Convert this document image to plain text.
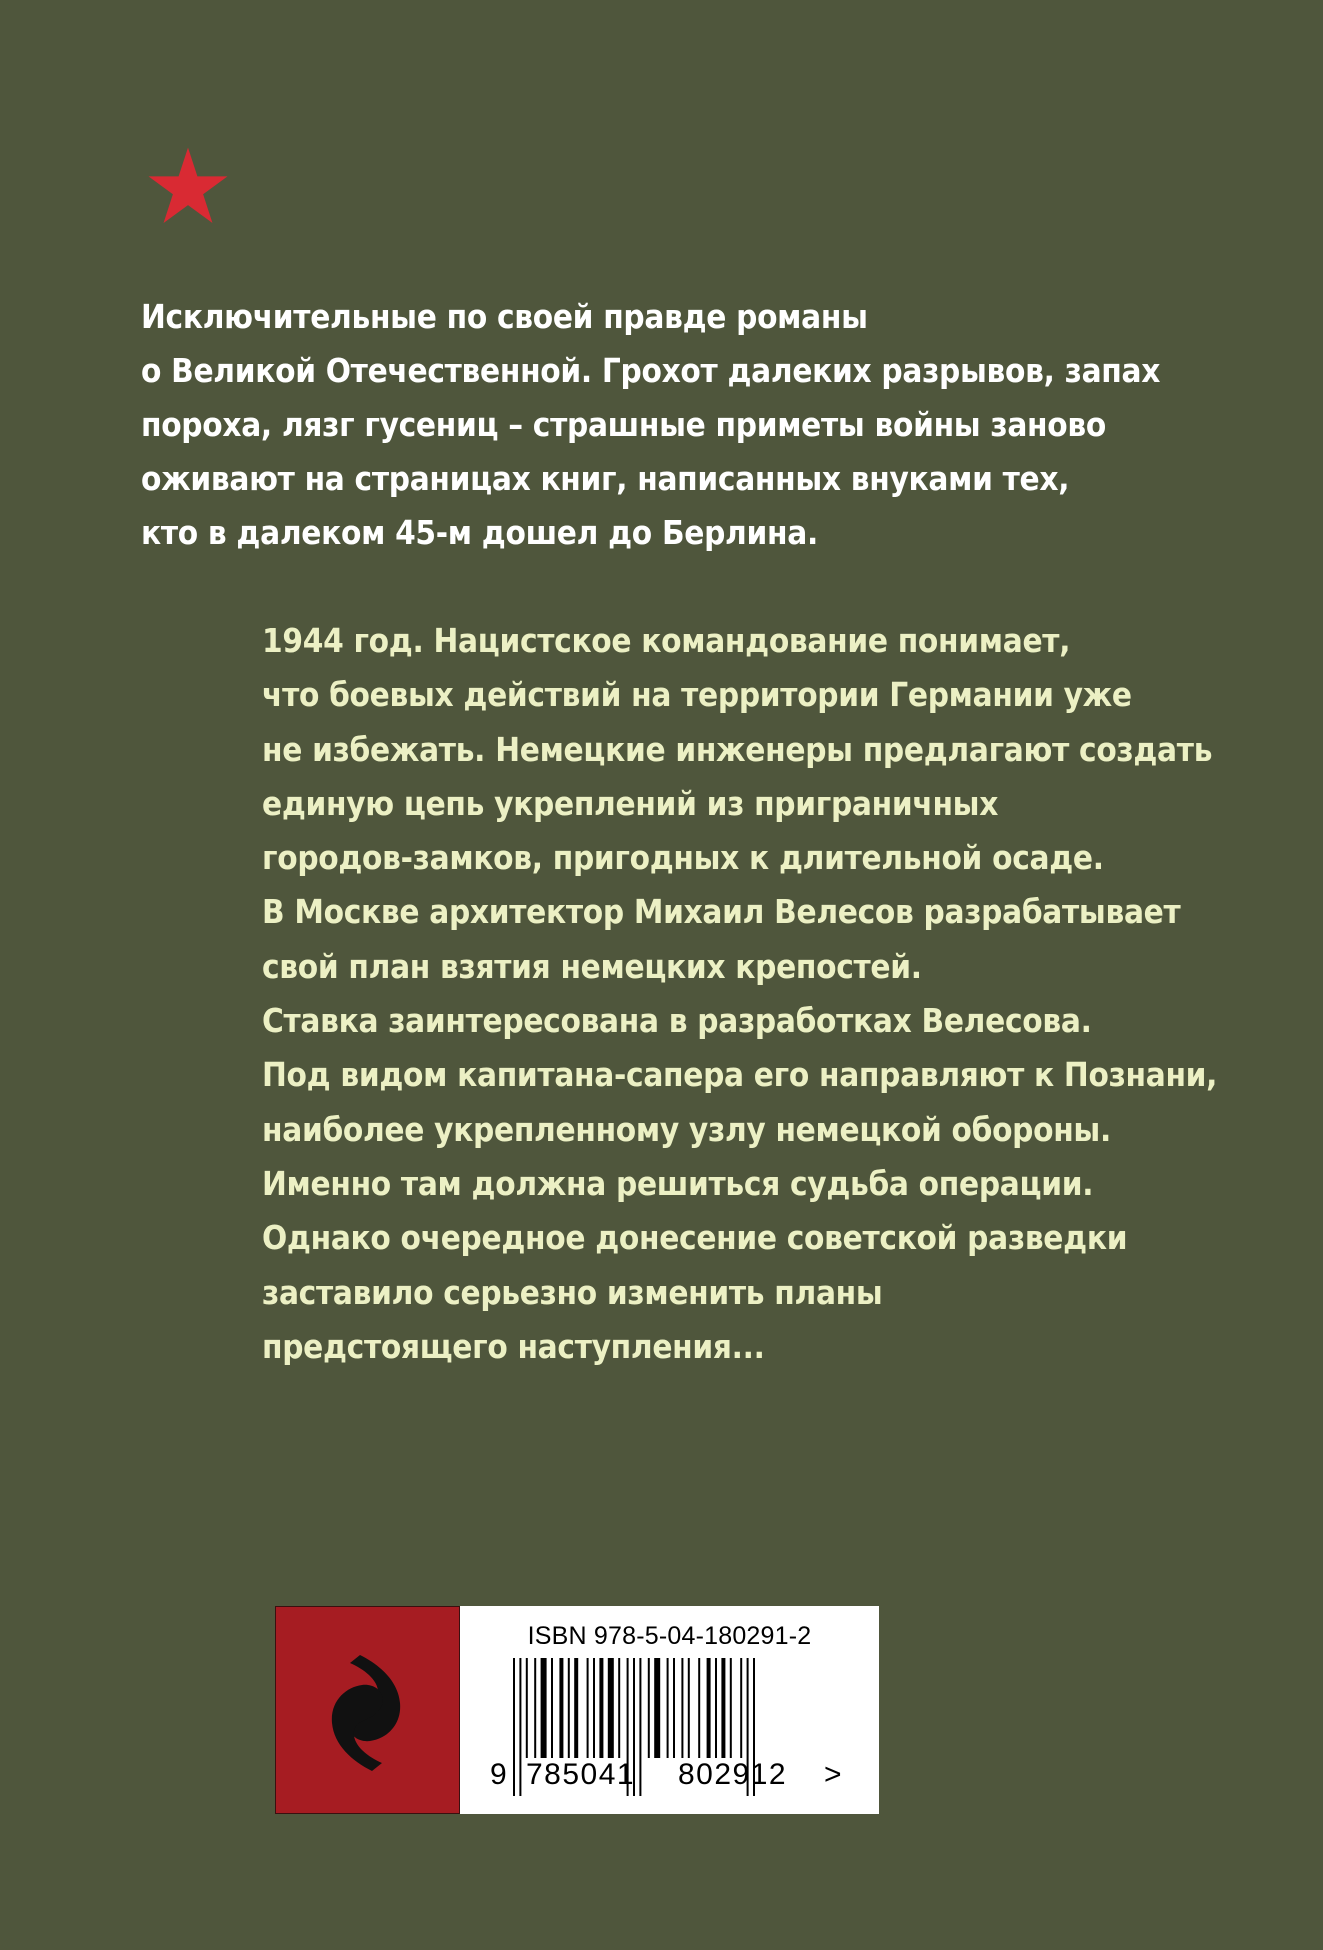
Исключительные по своей правде романы
о Великой Отечественной. Грохот далеких разрывов, запах
пороха, лязг гусениц – страшные приметы войны заново
оживают на страницах книг, написанных внуками тех,
кто в далеком 45-м дошел до Берлина.
1944 год. Нацистское командование понимает,
что боевых действий на территории Германии уже
не избежать. Немецкие инженеры предлагают создать
единую цепь укреплений из приграничных
городов-замков, пригодных к длительной осаде.
В Москве архитектор Михаил Велесов разрабатывает
свой план взятия немецких крепостей.
Ставка заинтересована в разработках Велесова.
Под видом капитана-сапера его направляют к Познани,
наиболее укрепленному узлу немецкой обороны.
Именно там должна решиться судьба операции.
Однако очередное донесение советской разведки
заставило серьезно изменить планы
предстоящего наступления...
ISBN 978-5-04-180291-2
9 785041	802912	>
